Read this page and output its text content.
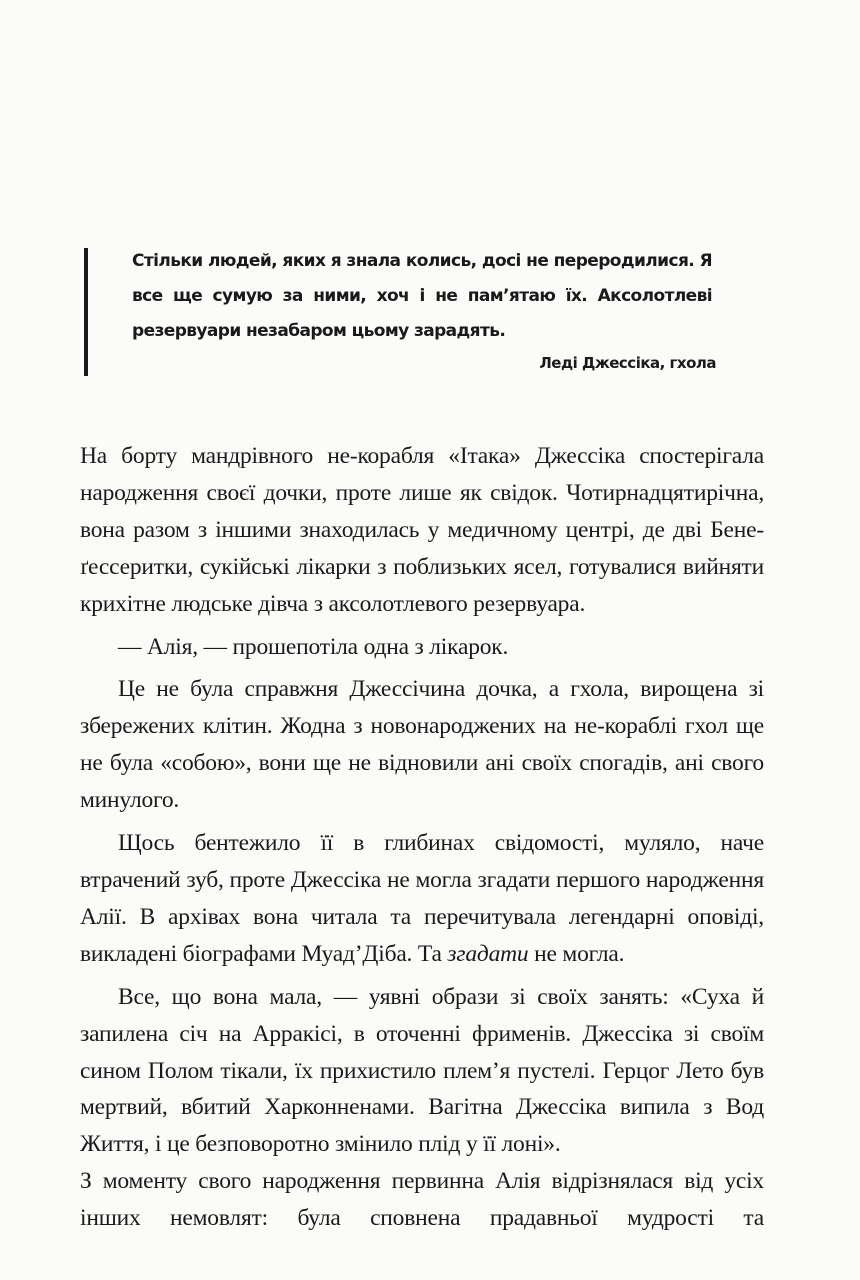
Стільки людей, яких я знала колись, досі не переродилися. Я все ще сумую за ними, хоч і не пам’ятаю їх. Аксолотлеві резервуари незабаром цьому зарадять.

Леді Джессіка, гхола

На борту мандрівного не-корабля «Ітака» Джессіка спостерігала народження своєї дочки, проте лише як свідок. Чотирнадцятирічна, вона разом з іншими знаходилась у медичному центрі, де дві Бене-ґессеритки, сукійські лікарки з поблизьких ясел, готувалися вийняти крихітне людське дівча з аксолотлевого резервуара.

— Алія, — прошепотіла одна з лікарок.

Це не була справжня Джессічина дочка, а гхола, вирощена зі збережених клітин. Жодна з новонароджених на не-кораблі гхол ще не була «собою», вони ще не відновили ані своїх спогадів, ані свого минулого.

Щось бентежило її в глибинах свідомості, муляло, наче втрачений зуб, проте Джессіка не могла згадати першого народження Алії. В архівах вона читала та перечитувала легендарні оповіді, викладені біографами Муад’Діба. Та згадати не могла.

Все, що вона мала, — уявні образи зі своїх занять: «Суха й запилена січ на Арракісі, в оточенні фрименів. Джессіка зі своїм сином Полом тікали, їх прихистило плем’я пустелі. Герцог Лето був мертвий, вбитий Харконненами. Вагітна Джессіка випила з Вод Життя, і це безповоротно змінило плід у її лоні».

З моменту свого народження первинна Алія відрізнялася від усіх інших немовлят: була сповнена прадавньої мудрості та
